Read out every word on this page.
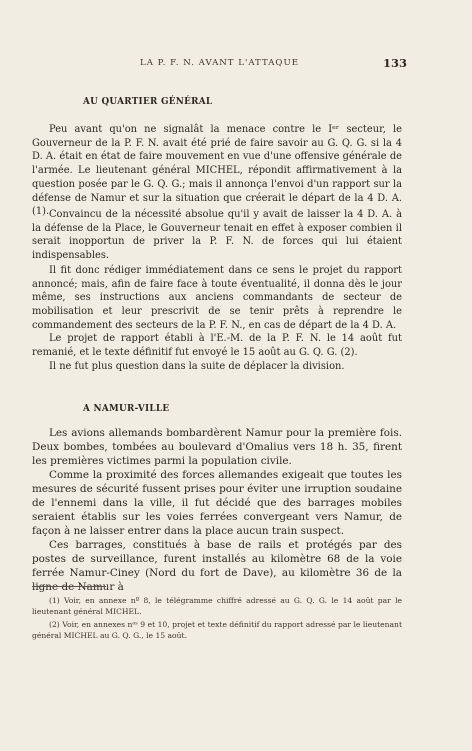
LA P. F. N. AVANT L'ATTAQUE	133
AU QUARTIER GÉNÉRAL
Peu avant qu'on ne signalât la menace contre le Iᵉʳ secteur, le Gouverneur de la P. F. N. avait été prié de faire savoir au G. Q. G. si la 4 D. A. était en état de faire mouvement en vue d'une offensive générale de l'armée. Le lieutenant général MICHEL, répondit affirmativement à la question posée par le G. Q. G.; mais il annonça l'envoi d'un rapport sur la défense de Namur et sur la situation que créerait le départ de la 4 D. A. (1). Convaincu de la nécessité absolue qu'il y avait de laisser la 4 D. A. à la défense de la Place, le Gouverneur tenait en effet à exposer combien il serait inopportun de priver la P. F. N. de forces qui lui étaient indispensables.
Il fit donc rédiger immédiatement dans ce sens le projet du rapport annoncé; mais, afin de faire face à toute éventualité, il donna dès le jour même, ses instructions aux anciens commandants de secteur de mobilisation et leur prescrivit de se tenir prêts à reprendre le commandement des secteurs de la P. F. N., en cas de départ de la 4 D. A.
Le projet de rapport établi à l'E.-M. de la P. F. N. le 14 août fut remanié, et le texte définitif fut envoyé le 15 août au G. Q. G. (2).
Il ne fut plus question dans la suite de déplacer la division.
A NAMUR-VILLE
Les avions allemands bombardèrent Namur pour la première fois. Deux bombes, tombées au boulevard d'Omalius vers 18 h. 35, firent les premières victimes parmi la population civile.
Comme la proximité des forces allemandes exigeait que toutes les mesures de sécurité fussent prises pour éviter une irruption soudaine de l'ennemi dans la ville, il fut décidé que des barrages mobiles seraient établis sur les voies ferrées convergeant vers Namur, de façon à ne laisser entrer dans la place aucun train suspect.
Ces barrages, constitués à base de rails et protégés par des postes de surveillance, furent installés au kilomètre 68 de la voie ferrée Namur-Ciney (Nord du fort de Dave), au kilomètre 36 de la ligne de Namur à
(1) Voir, en annexe nº 8, le télégramme chiffré adressé au G. Q. G. le 14 août par le lieutenant général MICHEL.
(2) Voir, en annexes nᵒˢ 9 et 10, projet et texte définitif du rapport adressé par le lieutenant général MICHEL au G. Q. G., le 15 août.
